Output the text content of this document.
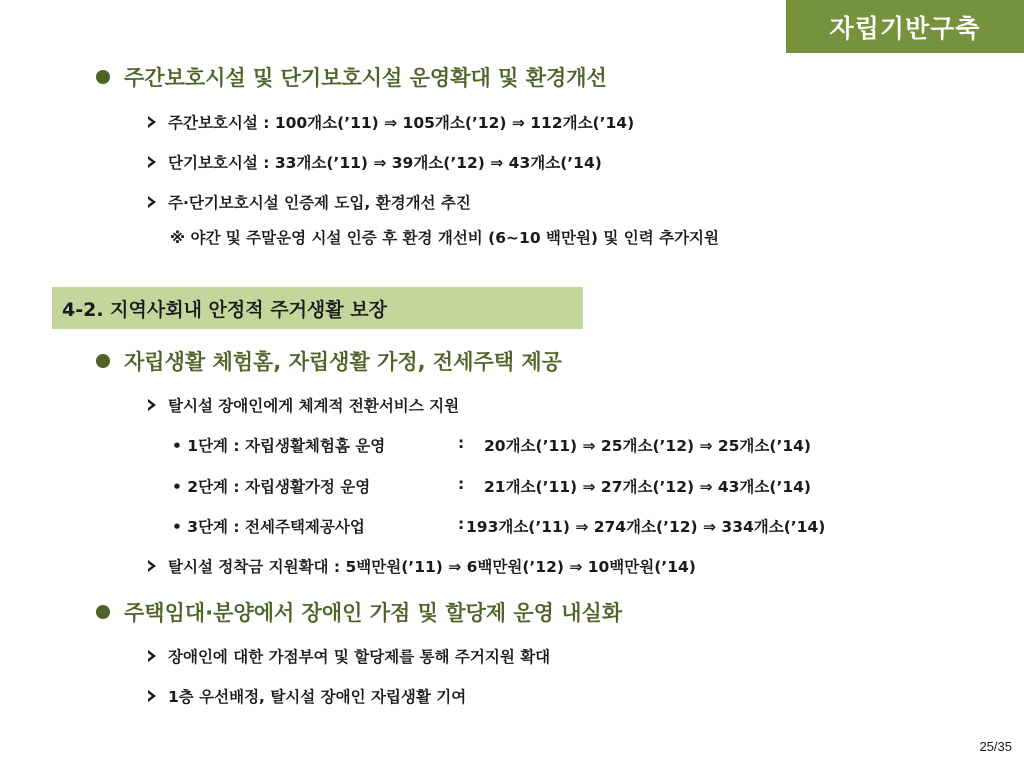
자립기반구축
주간보호시설 및 단기보호시설 운영확대 및 환경개선
주간보호시설 : 100개소(’11) ⇒ 105개소(’12) ⇒ 112개소(’14)
단기보호시설 : 33개소(’11) ⇒ 39개소(’12) ⇒ 43개소(’14)
주·단기보호시설 인증제 도입, 환경개선 추진
※ 야간 및 주말운영 시설 인증 후 환경 개선비 (6~10 백만원) 및 인력 추가지원
4-2. 지역사회내 안정적 주거생활 보장
자립생활 체험홈, 자립생활 가정, 전세주택 제공
탈시설 장애인에게 체계적 전환서비스 지원
• 1단계 : 자립생활체험홈 운영	: 20개소(’11) ⇒ 25개소(’12) ⇒ 25개소(’14)
• 2단계 : 자립생활가정 운영	: 21개소(’11) ⇒ 27개소(’12) ⇒ 43개소(’14)
• 3단계 : 전세주택제공사업	: 193개소(’11) ⇒ 274개소(’12) ⇒ 334개소(’14)
탈시설 정착금 지원확대 : 5백만원(’11) ⇒ 6백만원(’12) ⇒ 10백만원(’14)
주택임대·분양에서 장애인 가점 및 할당제 운영 내실화
장애인에 대한 가점부여 및 할당제를 통해 주거지원 확대
1층 우선배정, 탈시설 장애인 자립생활 기여
25/35
